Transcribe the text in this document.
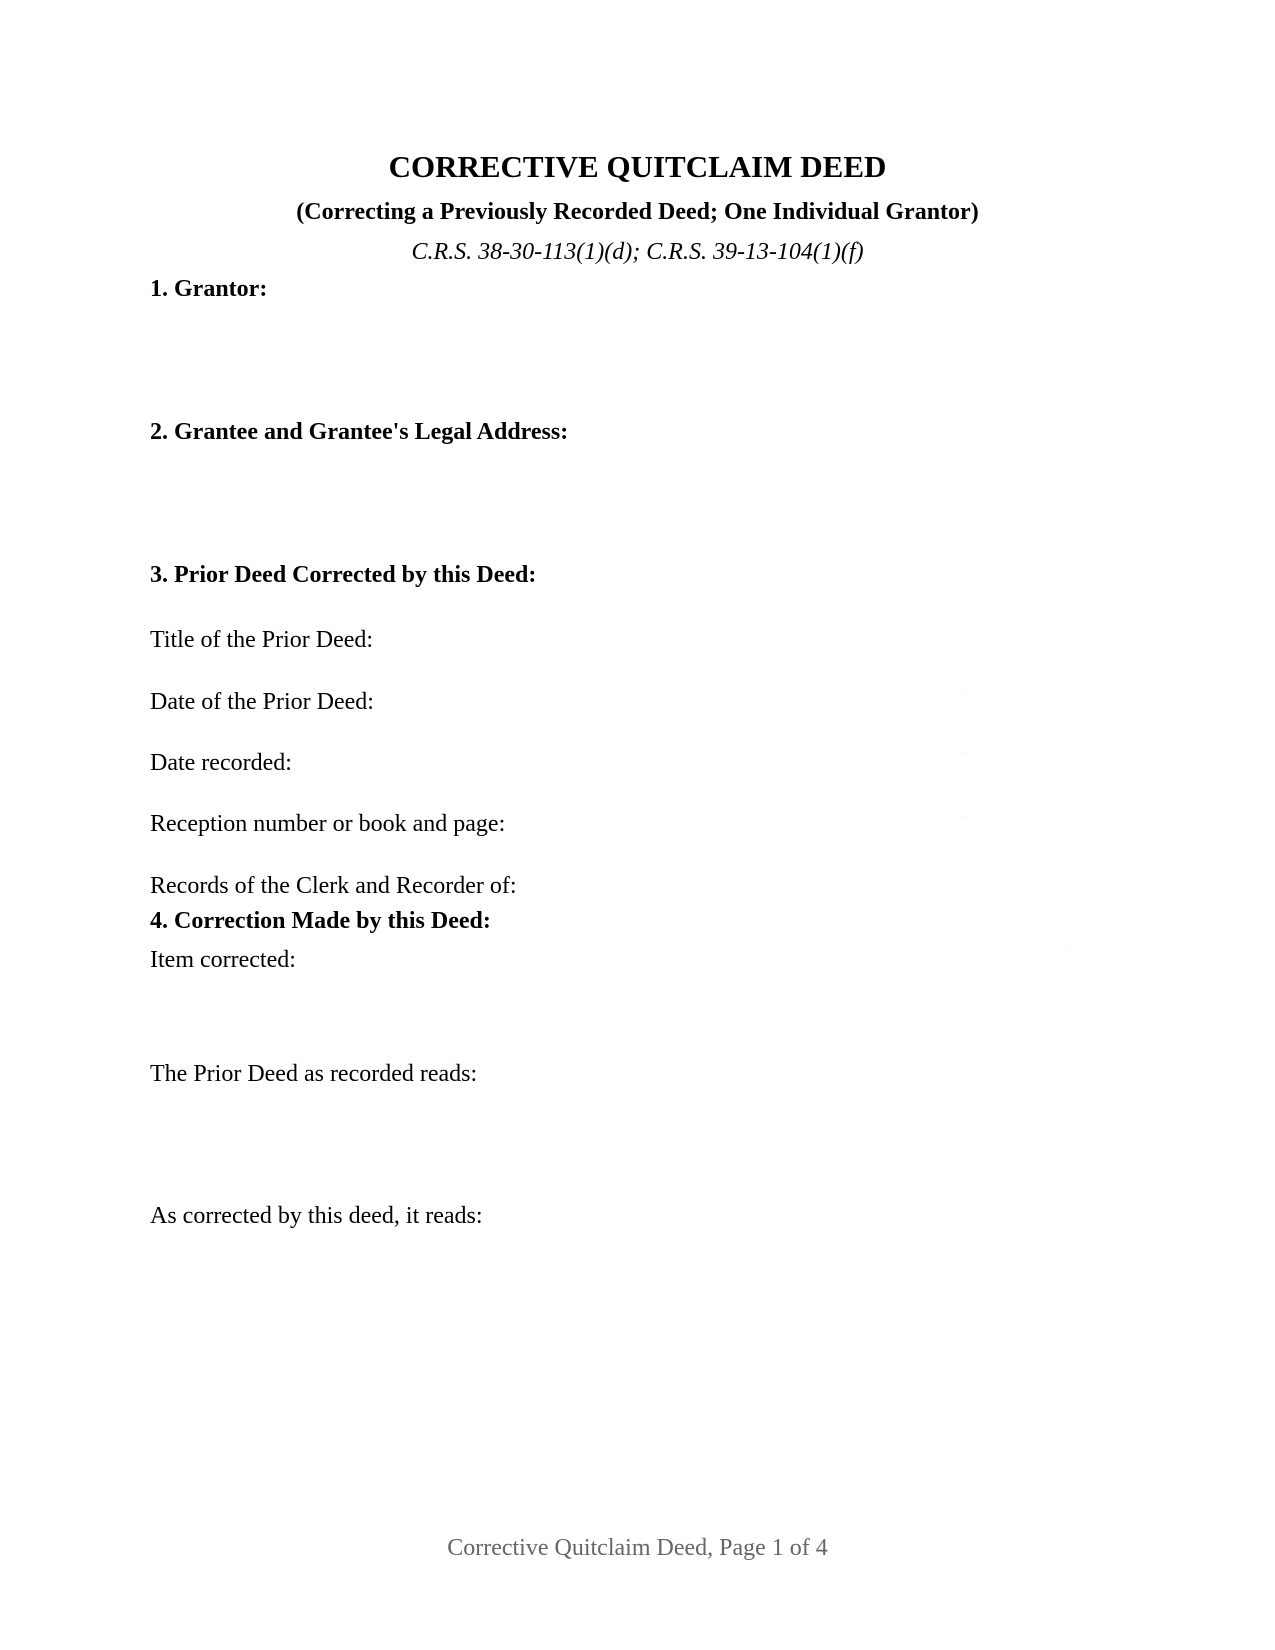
CORRECTIVE QUITCLAIM DEED
(Correcting a Previously Recorded Deed; One Individual Grantor)
C.R.S. 38-30-113(1)(d); C.R.S. 39-13-104(1)(f)
1. Grantor:
2. Grantee and Grantee's Legal Address:
3. Prior Deed Corrected by this Deed:
Title of the Prior Deed:
Date of the Prior Deed:
Date recorded:
Reception number or book and page:
Records of the Clerk and Recorder of:
4. Correction Made by this Deed:
Item corrected:
The Prior Deed as recorded reads:
As corrected by this deed, it reads:
Corrective Quitclaim Deed, Page 1 of 4
